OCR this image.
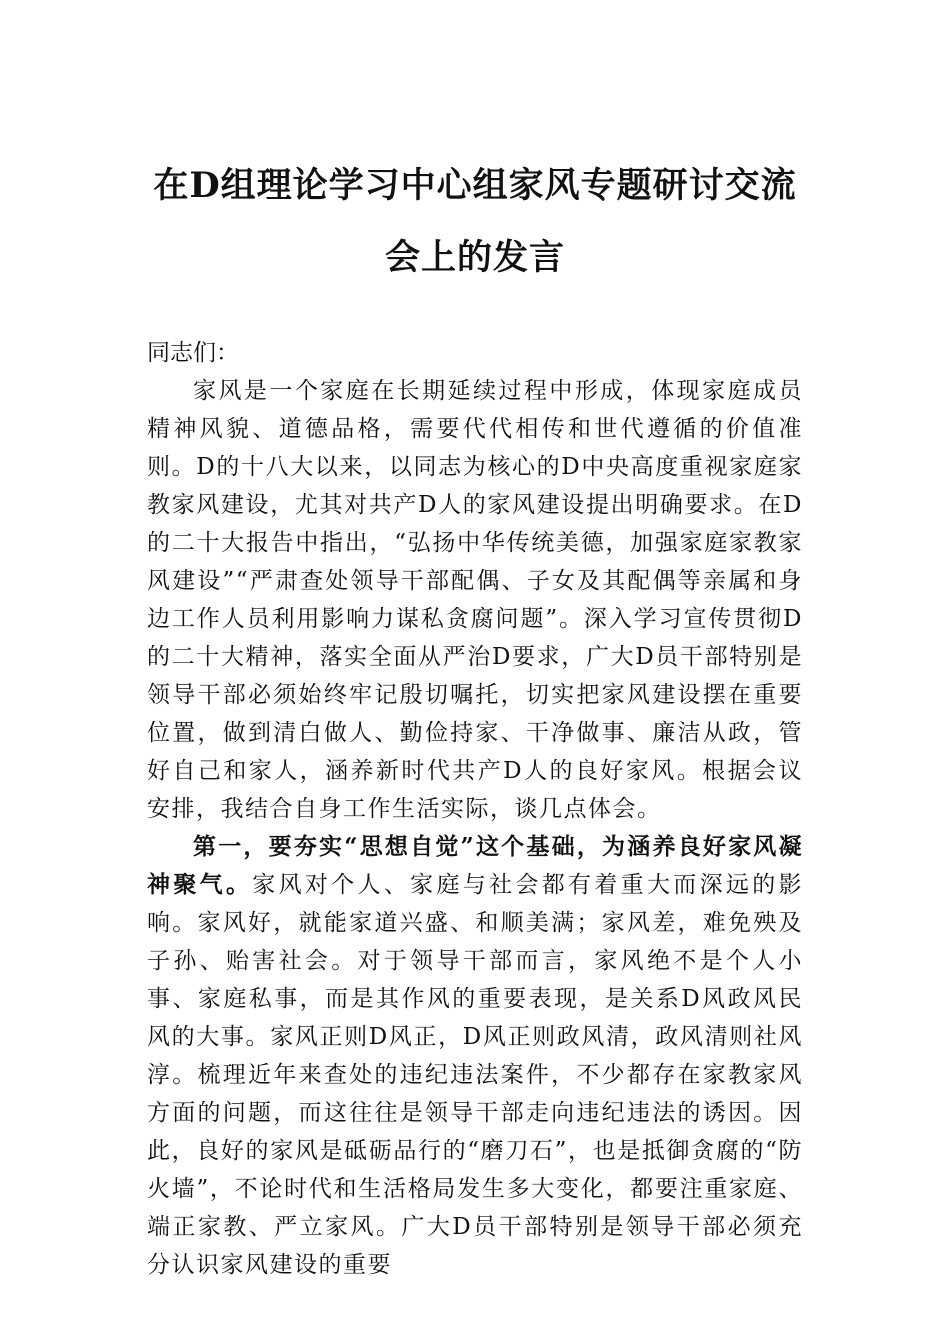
在D组理论学习中心组家风专题研讨交流
会上的发言

同志们：

家风是一个家庭在长期延续过程中形成，体现家庭成员精神风貌、道德品格，需要代代相传和世代遵循的价值准则。D的十八大以来，以同志为核心的D中央高度重视家庭家教家风建设，尤其对共产D人的家风建设提出明确要求。在D的二十大报告中指出，“弘扬中华传统美德，加强家庭家教家风建设”“严肃查处领导干部配偶、子女及其配偶等亲属和身边工作人员利用影响力谋私贪腐问题”。深入学习宣传贯彻D的二十大精神，落实全面从严治D要求，广大D员干部特别是领导干部必须始终牢记殷切嘱托，切实把家风建设摆在重要位置，做到清白做人、勤俭持家、干净做事、廉洁从政，管好自己和家人，涵养新时代共产D人的良好家风。根据会议安排，我结合自身工作生活实际，谈几点体会。

第一，要夯实“思想自觉”这个基础，为涵养良好家风凝神聚气。家风对个人、家庭与社会都有着重大而深远的影响。家风好，就能家道兴盛、和顺美满；家风差，难免殃及子孙、贻害社会。对于领导干部而言，家风绝不是个人小事、家庭私事，而是其作风的重要表现，是关系D风政风民风的大事。家风正则D风正，D风正则政风清，政风清则社风淳。梳理近年来查处的违纪违法案件，不少都存在家教家风方面的问题，而这往往是领导干部走向违纪违法的诱因。因此，良好的家风是砥砺品行的“磨刀石”，也是抵御贪腐的“防火墙”，不论时代和生活格局发生多大变化，都要注重家庭、端正家教、严立家风。广大D员干部特别是领导干部必须充分认识家风建设的重要
